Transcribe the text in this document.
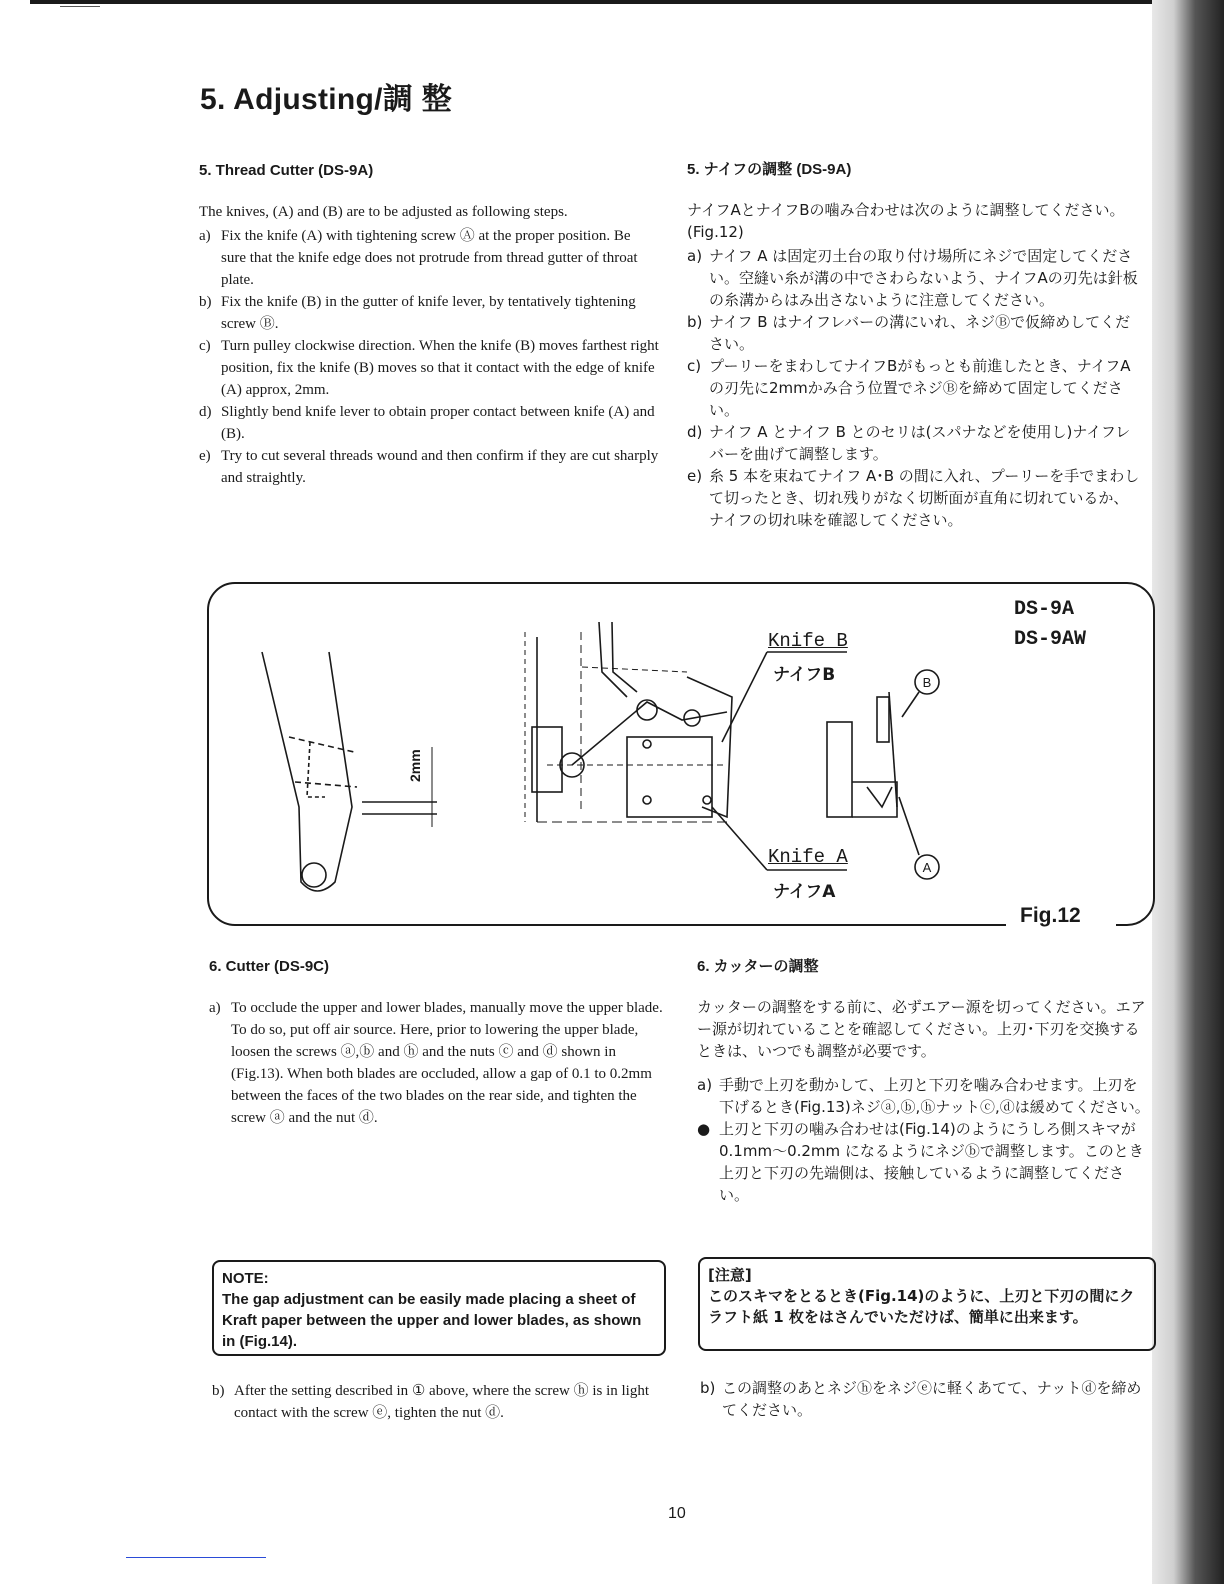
5. Adjusting/調 整
5. Thread Cutter (DS-9A)

The knives, (A) and (B) are to be adjusted as following steps.

a) Fix the knife (A) with tightening screw Ⓐ at the proper position. Be sure that the knife edge does not protrude from thread gutter of throat plate.

b) Fix the knife (B) in the gutter of knife lever, by tentatively tightening screw Ⓑ.

c) Turn pulley clockwise direction. When the knife (B) moves farthest right position, fix the knife (B) moves so that it contact with the edge of knife (A) approx, 2mm.

d) Slightly bend knife lever to obtain proper contact between knife (A) and (B).

e) Try to cut several threads wound and then confirm if they are cut sharply and straightly.

5. ナイフの調整 (DS-9A)

ナイフAとナイフBの噛み合わせは次のように調整してください。(Fig.12)

a) ナイフ A は固定刃土台の取り付け場所にネジで固定してください。空縫い糸が溝の中でさわらないよう、ナイフAの刃先は針板の糸溝からはみ出さないように注意してください。

b) ナイフ B はナイフレバーの溝にいれ、ネジⒷで仮締めしてください。

c) プーリーをまわしてナイフBがもっとも前進したとき、ナイフAの刃先に2mmかみ合う位置でネジⒷを締めて固定してください。

d) ナイフ A とナイフ B とのセリは(スパナなどを使用し)ナイフレバーを曲げて調整します。

e) 糸 5 本を束ねてナイフ A･B の間に入れ、プーリーを手でまわして切ったとき、切れ残りがなく切断面が直角に切れているか、ナイフの切れ味を確認してください。

Fig.12
DS-9A
DS-9AW
Knife B
ナイフB
Knife A
ナイフA
B
A
2mm
6. Cutter (DS-9C)

a) To occlude the upper and lower blades, manually move the upper blade. To do so, put off air source. Here, prior to lowering the upper blade, loosen the screws ⓐ,ⓑ and ⓗ and the nuts ⓒ and ⓓ shown in (Fig.13). When both blades are occluded, allow a gap of 0.1 to 0.2mm between the faces of the two blades on the rear side, and tighten the screw ⓐ and the nut ⓓ.

NOTE:
The gap adjustment can be easily made placing a sheet of Kraft paper between the upper and lower blades, as shown in (Fig.14).

b) After the setting described in ① above, where the screw ⓗ is in light contact with the screw ⓔ, tighten the nut ⓓ.

6. カッターの調整

カッターの調整をする前に、必ずエアー源を切ってください。エアー源が切れていることを確認してください。上刃･下刃を交換するときは、いつでも調整が必要です。

a) 手動で上刃を動かして、上刃と下刃を噛み合わせます。上刃を下げるとき(Fig.13)ネジⓐ,ⓑ,ⓗナットⓒ,ⓓは緩めてください。

● 上刃と下刃の噛み合わせは(Fig.14)のようにうしろ側スキマが 0.1mm～0.2mm になるようにネジⓑで調整します。このとき上刃と下刃の先端側は、接触しているように調整してください。

[注意]
このスキマをとるとき(Fig.14)のように、上刃と下刃の間にクラフト紙 1 枚をはさんでいただけば、簡単に出来ます。

b) この調整のあとネジⓗをネジⓔに軽くあてて、ナットⓓを締めてください。

10
